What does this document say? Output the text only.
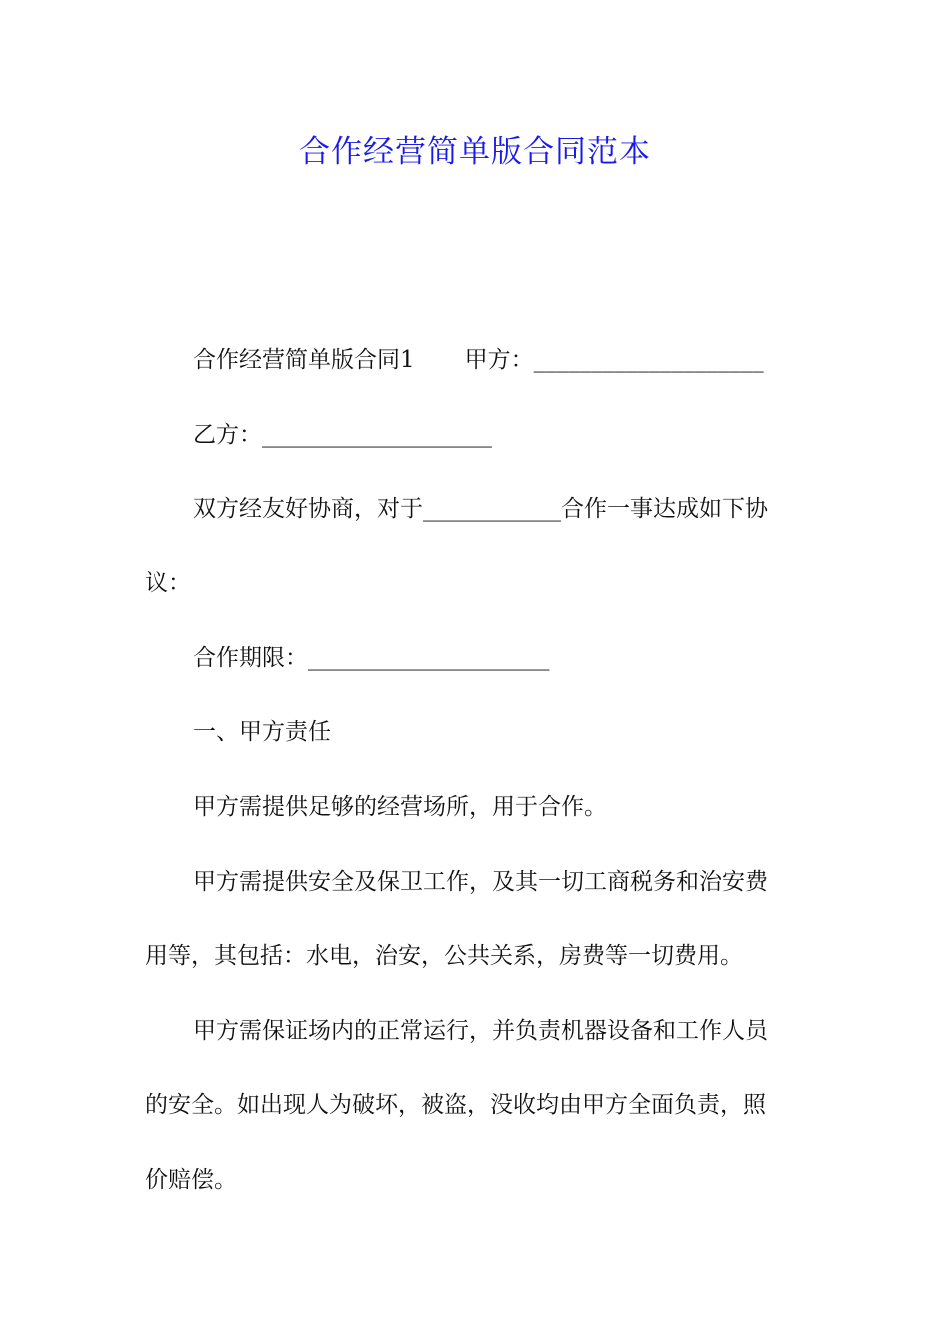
合作经营简单版合同范本
合作经营简单版合同1 甲方：____________________
乙方：____________________
双方经友好协商，对于____________合作一事达成如下协
议：
合作期限：_____________________
一、甲方责任
甲方需提供足够的经营场所，用于合作。
甲方需提供安全及保卫工作，及其一切工商税务和治安费
用等，其包括：水电，治安，公共关系，房费等一切费用。
甲方需保证场内的正常运行，并负责机器设备和工作人员
的安全。如出现人为破坏，被盗，没收均由甲方全面负责，照
价赔偿。
